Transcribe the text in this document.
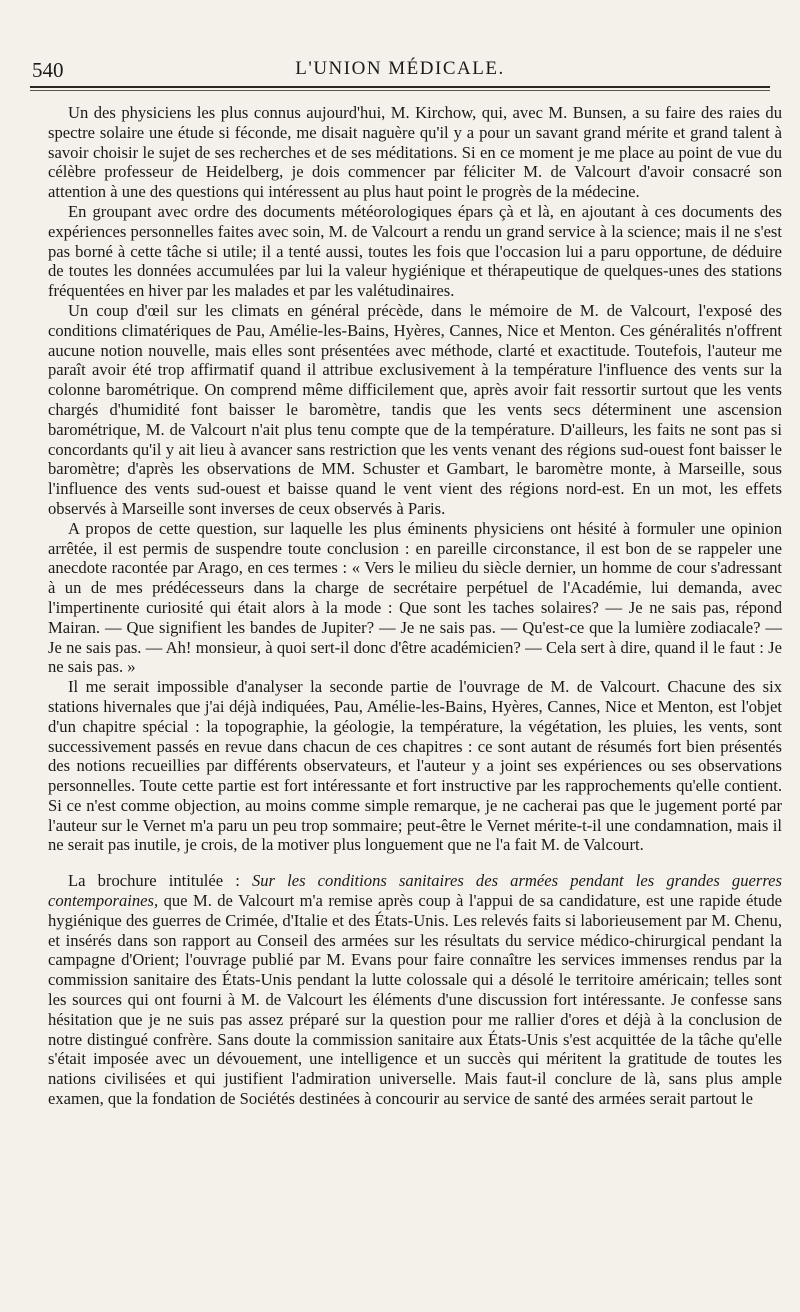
540	L'UNION MÉDICALE.

Un des physiciens les plus connus aujourd'hui, M. Kirchow, qui, avec M. Bunsen, a su faire des raies du spectre solaire une étude si féconde, me disait naguère qu'il y a pour un savant grand mérite et grand talent à savoir choisir le sujet de ses recherches et de ses méditations. Si en ce moment je me place au point de vue du célèbre professeur de Heidelberg, je dois commencer par féliciter M. de Valcourt d'avoir consacré son attention à une des questions qui intéressent au plus haut point le progrès de la médecine.

En groupant avec ordre des documents météorologiques épars çà et là, en ajoutant à ces documents des expériences personnelles faites avec soin, M. de Valcourt a rendu un grand service à la science; mais il ne s'est pas borné à cette tâche si utile; il a tenté aussi, toutes les fois que l'occasion lui a paru opportune, de déduire de toutes les données accumulées par lui la valeur hygiénique et thérapeutique de quelques-unes des stations fréquentées en hiver par les malades et par les valétudinaires.

Un coup d'œil sur les climats en général précède, dans le mémoire de M. de Valcourt, l'exposé des conditions climatériques de Pau, Amélie-les-Bains, Hyères, Cannes, Nice et Menton. Ces généralités n'offrent aucune notion nouvelle, mais elles sont présentées avec méthode, clarté et exactitude. Toutefois, l'auteur me paraît avoir été trop affirmatif quand il attribue exclusivement à la température l'influence des vents sur la colonne barométrique. On comprend même difficilement que, après avoir fait ressortir surtout que les vents chargés d'humidité font baisser le baromètre, tandis que les vents secs déterminent une ascension barométrique, M. de Valcourt n'ait plus tenu compte que de la température. D'ailleurs, les faits ne sont pas si concordants qu'il y ait lieu à avancer sans restriction que les vents venant des régions sud-ouest font baisser le baromètre; d'après les observations de MM. Schuster et Gambart, le baromètre monte, à Marseille, sous l'influence des vents sud-ouest et baisse quand le vent vient des régions nord-est. En un mot, les effets observés à Marseille sont inverses de ceux observés à Paris.

A propos de cette question, sur laquelle les plus éminents physiciens ont hésité à formuler une opinion arrêtée, il est permis de suspendre toute conclusion : en pareille circonstance, il est bon de se rappeler une anecdote racontée par Arago, en ces termes : « Vers le milieu du siècle dernier, un homme de cour s'adressant à un de mes prédécesseurs dans la charge de secrétaire perpétuel de l'Académie, lui demanda, avec l'impertinente curiosité qui était alors à la mode : Que sont les taches solaires? — Je ne sais pas, répond Mairan. — Que signifient les bandes de Jupiter? — Je ne sais pas. — Qu'est-ce que la lumière zodiacale? — Je ne sais pas. — Ah! monsieur, à quoi sert-il donc d'être académicien? — Cela sert à dire, quand il le faut : Je ne sais pas. »

Il me serait impossible d'analyser la seconde partie de l'ouvrage de M. de Valcourt. Chacune des six stations hivernales que j'ai déjà indiquées, Pau, Amélie-les-Bains, Hyères, Cannes, Nice et Menton, est l'objet d'un chapitre spécial : la topographie, la géologie, la température, la végétation, les pluies, les vents, sont successivement passés en revue dans chacun de ces chapitres : ce sont autant de résumés fort bien présentés des notions recueillies par différents observateurs, et l'auteur y a joint ses expériences ou ses observations personnelles. Toute cette partie est fort intéressante et fort instructive par les rapprochements qu'elle contient. Si ce n'est comme objection, au moins comme simple remarque, je ne cacherai pas que le jugement porté par l'auteur sur le Vernet m'a paru un peu trop sommaire; peut-être le Vernet mérite-t-il une condamnation, mais il ne serait pas inutile, je crois, de la motiver plus longuement que ne l'a fait M. de Valcourt.

La brochure intitulée : Sur les conditions sanitaires des armées pendant les grandes guerres contemporaines, que M. de Valcourt m'a remise après coup à l'appui de sa candidature, est une rapide étude hygiénique des guerres de Crimée, d'Italie et des États-Unis. Les relevés faits si laborieusement par M. Chenu, et insérés dans son rapport au Conseil des armées sur les résultats du service médico-chirurgical pendant la campagne d'Orient; l'ouvrage publié par M. Evans pour faire connaître les services immenses rendus par la commission sanitaire des États-Unis pendant la lutte colossale qui a désolé le territoire américain; telles sont les sources qui ont fourni à M. de Valcourt les éléments d'une discussion fort intéressante. Je confesse sans hésitation que je ne suis pas assez préparé sur la question pour me rallier d'ores et déjà à la conclusion de notre distingué confrère. Sans doute la commission sanitaire aux États-Unis s'est acquittée de la tâche qu'elle s'était imposée avec un dévouement, une intelligence et un succès qui méritent la gratitude de toutes les nations civilisées et qui justifient l'admiration universelle. Mais faut-il conclure de là, sans plus ample examen, que la fondation de Sociétés destinées à concourir au service de santé des armées serait partout le
